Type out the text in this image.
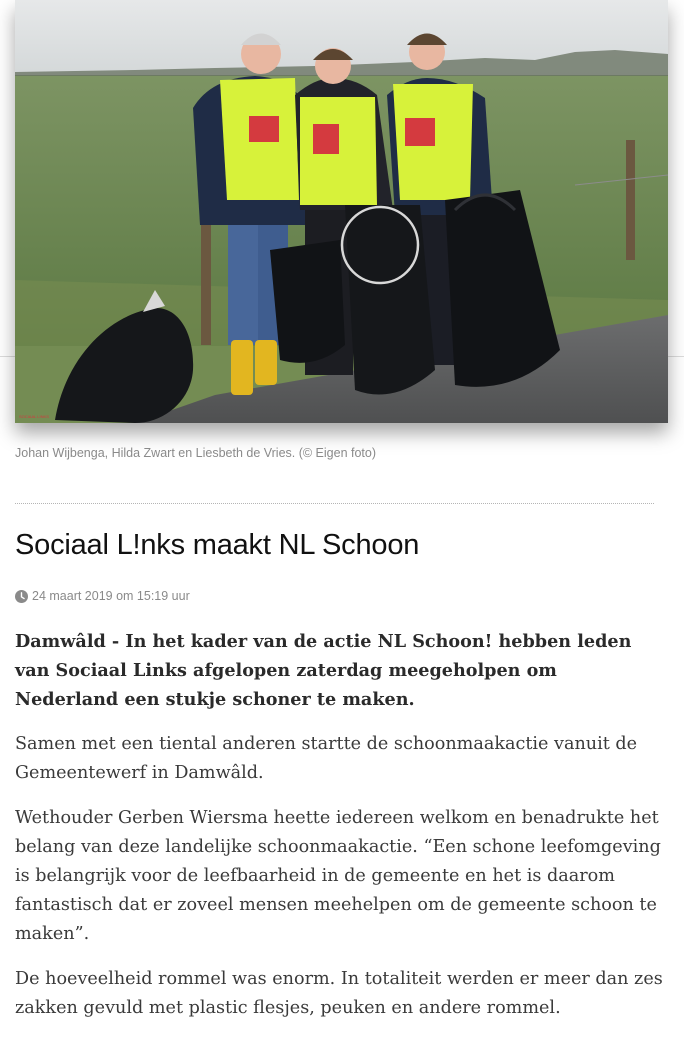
SOCIAAL LINKS
Johan Wijbenga, Hilda Zwart en Liesbeth de Vries. (© Eigen foto)
Sociaal L!nks maakt NL Schoon
24 maart 2019 om 15:19 uur

Damwâld - In het kader van de actie NL Schoon! hebben leden van Sociaal Links afgelopen zaterdag meegeholpen om Nederland een stukje schoner te maken.

Samen met een tiental anderen startte de schoonmaakactie vanuit de Gemeentewerf in Damwâld.

Wethouder Gerben Wiersma heette iedereen welkom en benadrukte het belang van deze landelijke schoonmaakactie. “Een schone leefomgeving is belangrijk voor de leefbaarheid in de gemeente en het is daarom fantastisch dat er zoveel mensen meehelpen om de gemeente schoon te maken”.

De hoeveelheid rommel was enorm. In totaliteit werden er meer dan zes zakken gevuld met plastic flesjes, peuken en andere rommel.
